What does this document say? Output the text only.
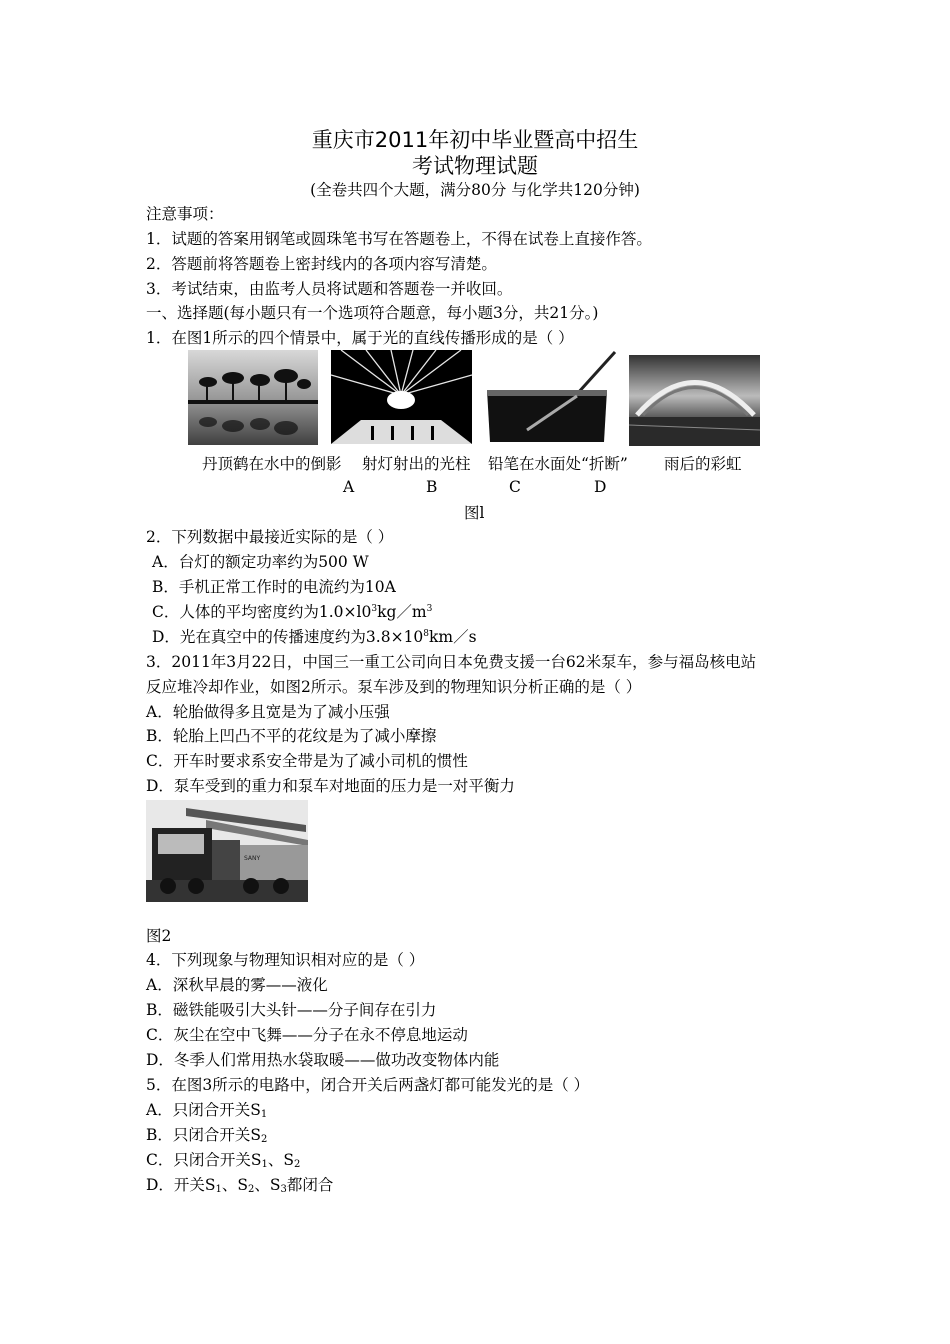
重庆市2011年初中毕业暨高中招生
考试物理试题
(全卷共四个大题，满分80分 与化学共120分钟)
注意事项：
1．试题的答案用钢笔或圆珠笔书写在答题卷上，不得在试卷上直接作答。
2．答题前将答题卷上密封线内的各项内容写清楚。
3．考试结束，由监考人员将试题和答题卷一并收回。
一、选择题(每小题只有一个选项符合题意，每小题3分，共21分。)
1．在图1所示的四个情景中，属于光的直线传播形成的是（ ）
丹顶鹤在水中的倒影 射灯射出的光柱 铅笔在水面处“折断” 雨后的彩虹
A	B	C	D
图l
2．下列数据中最接近实际的是（ ）
A．台灯的额定功率约为500 W
B．手机正常工作时的电流约为10A
C．人体的平均密度约为$1.0\times l0^3kg/m^3$
D．光在真空中的传播速度约为$3.8\times 10^8km/s$
3．2011年3月22日，中国三一重工公司向日本免费支援一台62米泵车，参与福岛核电站
反应堆冷却作业，如图2所示。泵车涉及到的物理知识分析正确的是（ ）
A．轮胎做得多且宽是为了减小压强
B．轮胎上凹凸不平的花纹是为了减小摩擦
C．开车时要求系安全带是为了减小司机的惯性
D．泵车受到的重力和泵车对地面的压力是一对平衡力
SANY
图2
4．下列现象与物理知识相对应的是（ ）
A．深秋早晨的雾——液化
B．磁铁能吸引大头针——分子间存在引力
C．灰尘在空中飞舞——分子在永不停息地运动
D．冬季人们常用热水袋取暖——做功改变物体内能
5．在图3所示的电路中，闭合开关后两盏灯都可能发光的是（ ）
A．只闭合开关$S_1$
B．只闭合开关$S_2$
C．只闭合开关$S_1$、$S_2$
D．开关$S_1$、$S_2$、$S_3$都闭合
